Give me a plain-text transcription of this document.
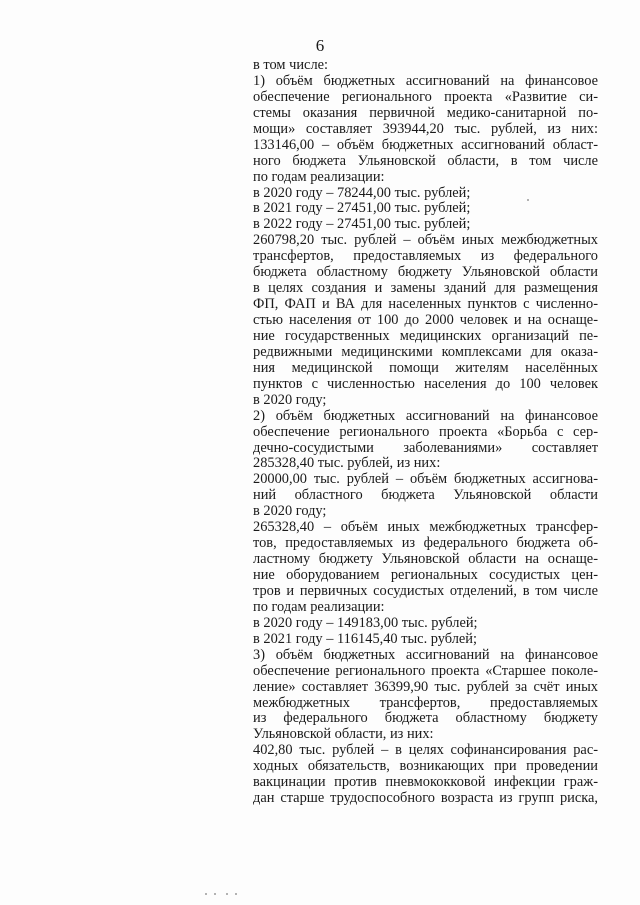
6
в том числе:
1) объём бюджетных ассигнований на финансовое
обеспечение регионального проекта «Развитие си-
стемы оказания первичной медико-санитарной по-
мощи» составляет 393944,20 тыс. рублей, из них:
133146,00 – объём бюджетных ассигнований област-
ного бюджета Ульяновской области, в том числе
по годам реализации:
в 2020 году – 78244,00 тыс. рублей;
в 2021 году – 27451,00 тыс. рублей;
в 2022 году – 27451,00 тыс. рублей;
260798,20 тыс. рублей – объём иных межбюджетных
трансфертов, предоставляемых из федерального
бюджета областному бюджету Ульяновской области
в целях создания и замены зданий для размещения
ФП, ФАП и ВА для населенных пунктов с численно-
стью населения от 100 до 2000 человек и на оснаще-
ние государственных медицинских организаций пе-
редвижными медицинскими комплексами для оказа-
ния медицинской помощи жителям населённых
пунктов с численностью населения до 100 человек
в 2020 году;
2) объём бюджетных ассигнований на финансовое
обеспечение регионального проекта «Борьба с сер-
дечно-сосудистыми заболеваниями» составляет
285328,40 тыс. рублей, из них:
20000,00 тыс. рублей – объём бюджетных ассигнова-
ний областного бюджета Ульяновской области
в 2020 году;
265328,40 – объём иных межбюджетных трансфер-
тов, предоставляемых из федерального бюджета об-
ластному бюджету Ульяновской области на оснаще-
ние оборудованием региональных сосудистых цен-
тров и первичных сосудистых отделений, в том числе
по годам реализации:
в 2020 году – 149183,00 тыс. рублей;
в 2021 году – 116145,40 тыс. рублей;
3) объём бюджетных ассигнований на финансовое
обеспечение регионального проекта «Старшее поколе-
ление» составляет 36399,90 тыс. рублей за счёт иных
межбюджетных трансфертов, предоставляемых
из федерального бюджета областному бюджету
Ульяновской области, из них:
402,80 тыс. рублей – в целях софинансирования рас-
ходных обязательств, возникающих при проведении
вакцинации против пневмококковой инфекции граж-
дан старше трудоспособного возраста из групп риска,
